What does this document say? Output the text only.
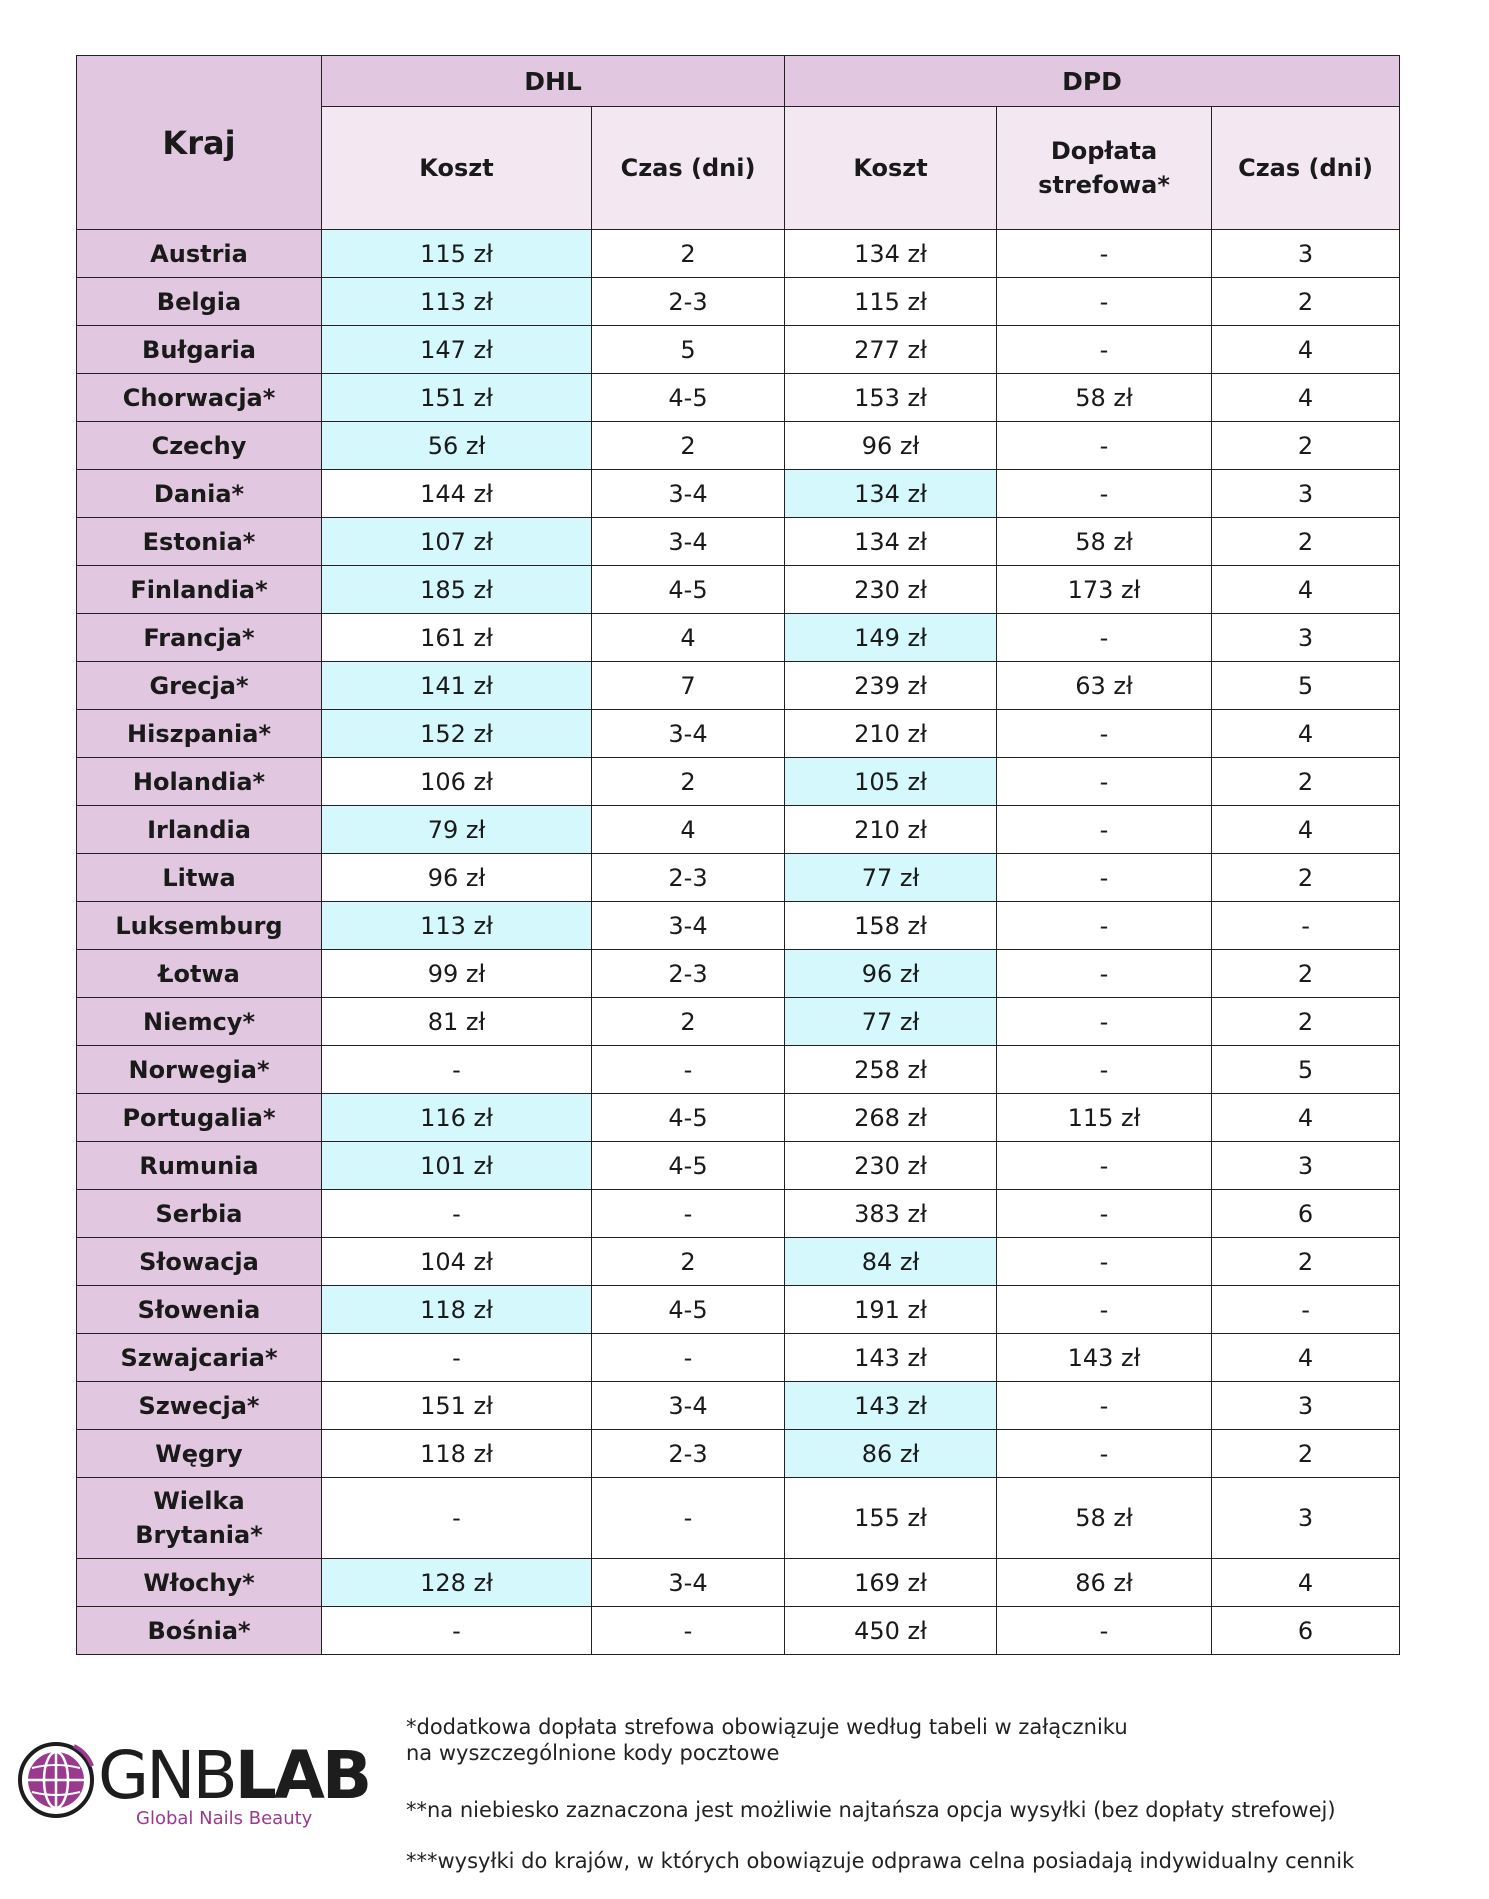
Kraj	DHL		DPD		
	Koszt	Czas (dni)	Koszt	Dopłata strefowa*	Czas (dni)
Austria	115 zł	2	134 zł	-	3
Belgia	113 zł	2-3	115 zł	-	2
Bułgaria	147 zł	5	277 zł	-	4
Chorwacja*	151 zł	4-5	153 zł	58 zł	4
Czechy	56 zł	2	96 zł	-	2
Dania*	144 zł	3-4	134 zł	-	3
Estonia*	107 zł	3-4	134 zł	58 zł	2
Finlandia*	185 zł	4-5	230 zł	173 zł	4
Francja*	161 zł	4	149 zł	-	3
Grecja*	141 zł	7	239 zł	63 zł	5
Hiszpania*	152 zł	3-4	210 zł	-	4
Holandia*	106 zł	2	105 zł	-	2
Irlandia	79 zł	4	210 zł	-	4
Litwa	96 zł	2-3	77 zł	-	2
Luksemburg	113 zł	3-4	158 zł	-	-
Łotwa	99 zł	2-3	96 zł	-	2
Niemcy*	81 zł	2	77 zł	-	2
Norwegia*	-	-	258 zł	-	5
Portugalia*	116 zł	4-5	268 zł	115 zł	4
Rumunia	101 zł	4-5	230 zł	-	3
Serbia	-	-	383 zł	-	6
Słowacja	104 zł	2	84 zł	-	2
Słowenia	118 zł	4-5	191 zł	-	-
Szwajcaria*	-	-	143 zł	143 zł	4
Szwecja*	151 zł	3-4	143 zł	-	3
Węgry	118 zł	2-3	86 zł	-	2
Wielka Brytania*	-	-	155 zł	58 zł	3
Włochy*	128 zł	3-4	169 zł	86 zł	4
Bośnia*	-	-	450 zł	-	6
GNBLAB
Global Nails Beauty

*dodatkowa dopłata strefowa obowiązuje według tabeli w załączniku
na wyszczególnione kody pocztowe

**na niebiesko zaznaczona jest możliwie najtańsza opcja wysyłki (bez dopłaty strefowej)

***wysyłki do krajów, w których obowiązuje odprawa celna posiadają indywidualny cennik
